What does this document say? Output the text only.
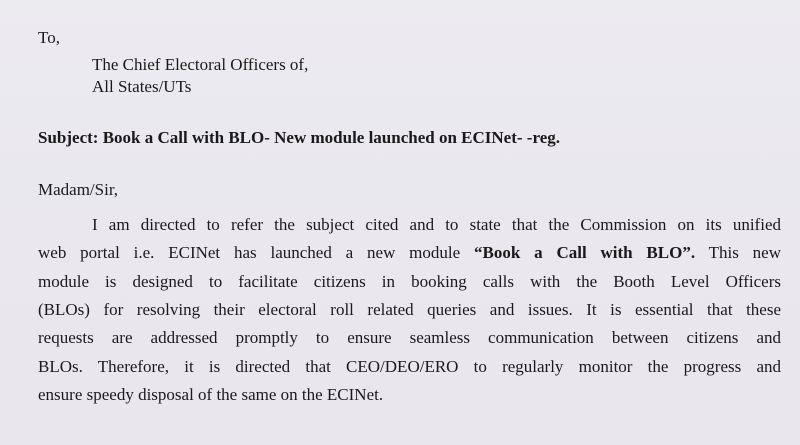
To,
The Chief Electoral Officers of,
All States/UTs
Subject: Book a Call with BLO- New module launched on ECINet- -reg.
Madam/Sir,
I am directed to refer the subject cited and to state that the Commission on its unified
web portal i.e. ECINet has launched a new module “Book a Call with BLO”. This new
module is designed to facilitate citizens in booking calls with the Booth Level Officers
(BLOs) for resolving their electoral roll related queries and issues. It is essential that these
requests are addressed promptly to ensure seamless communication between citizens and
BLOs. Therefore, it is directed that CEO/DEO/ERO to regularly monitor the progress and
ensure speedy disposal of the same on the ECINet.
